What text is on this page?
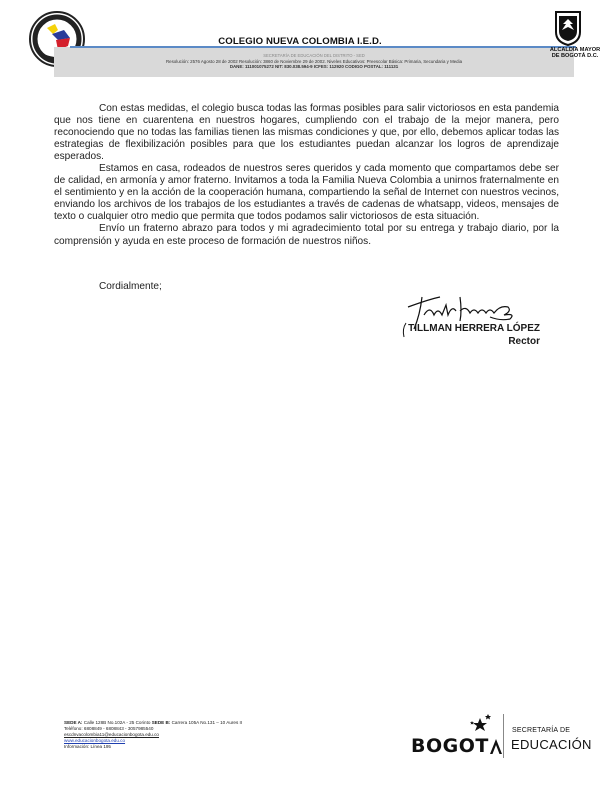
COLEGIO NUEVA COLOMBIA I.E.D.
SECRETARÍA DE EDUCACIÓN DEL DISTRITO - SED
Resolución: 2576 Agosto 28 de 2002 Resolución: 3860 de Noviembre 29 de 2002. Niveles Educativos: Preescolar Básica: Primaria, Secundaria y Media
DANE: 111001075272 NIT: 830.038.594-9 ICFES: 112920 CODIGO POSTAL: 111131
ALCALDÍA MAYOR
DE BOGOTÁ D.C.

Con estas medidas, el colegio busca todas las formas posibles para salir victoriosos en esta pandemia que nos tiene en cuarentena en nuestros hogares, cumpliendo con el trabajo de la mejor manera, pero reconociendo que no todas las familias tienen las mismas condiciones y que, por ello, debemos aplicar todas las estrategias de flexibilización posibles para que los estudiantes puedan alcanzar los logros de aprendizaje esperados.

Estamos en casa, rodeados de nuestros seres queridos y cada momento que compartamos debe ser de calidad, en armonía y amor fraterno. Invitamos a toda la Familia Nueva Colombia a unirnos fraternalmente en el sentimiento y en la acción de la cooperación humana, compartiendo la señal de Internet con nuestros vecinos, enviando los archivos de los trabajos de los estudiantes a través de cadenas de whatsapp, videos, mensajes de texto o cualquier otro medio que permita que todos podamos salir victoriosos de esta situación.

Envío un fraterno abrazo para todos y mi agradecimiento total por su entrega y trabajo diario, por la comprensión y ayuda en este proceso de formación de nuestros niños.

Cordialmente;
TILLMAN HERRERA LÓPEZ
Rector
SEDE A: Calle 128B No.102A - 25 Corinto SEDE B: Carrera 105A No.131 – 10 Aures II
Teléfono: 6808849 - 6808843 - 3057985540
escdnvacolombia11@educacionbogota.edu.co
www.educacionbogota.edu.co
Información: Línea 195	BOGOT
SECRETARÍA DE
EDUCACIÓN
